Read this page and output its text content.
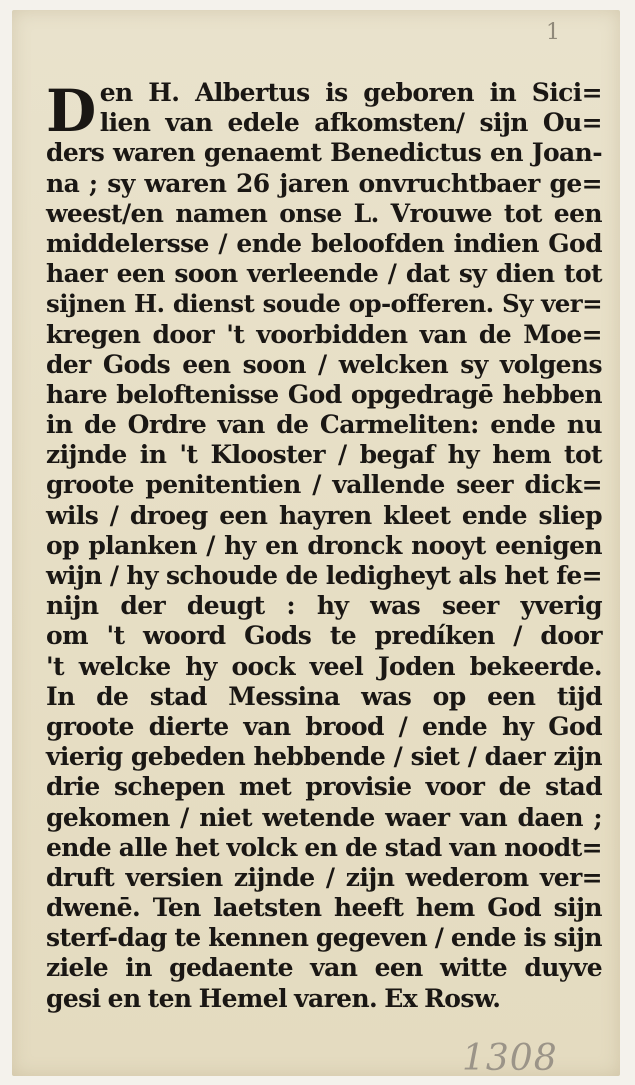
1
D en H. Albertus is geboren in Sici=
lien van edele afkomsten/ sijn Ou=
ders waren genaemt Benedictus en Joan-
na ; sy waren 26 jaren onvruchtbaer ge=
weest/en namen onse L. Vrouwe tot een
middelersse / ende beloofden indien God
haer een soon verleende / dat sy dien tot
sijnen H. dienst soude op-offeren. Sy ver=
kregen door 't voorbidden van de Moe=
der Gods een soon / welcken sy volgens
hare beloftenisse God opgedragē hebben
in de Ordre van de Carmeliten: ende nu
zijnde in 't Klooster / begaf hy hem tot
groote penitentien / vallende seer dick=
wils / droeg een hayren kleet ende sliep
op planken / hy en dronck nooyt eenigen
wijn / hy schoude de ledigheyt als het fe=
nijn der deugt : hy was seer yverig
om 't woord Gods te predíken / door
't welcke hy oock veel Joden bekeerde.
In de stad Messina was op een tijd
groote dierte van brood / ende hy God
vierig gebeden hebbende / siet / daer zijn
drie schepen met provisie voor de stad
gekomen / niet wetende waer van daen ;
ende alle het volck en de stad van noodt=
druft versien zijnde / zijn wederom ver=
dwenē. Ten laetsten heeft hem God sijn
sterf-dag te kennen gegeven / ende is sijn
ziele in gedaente van een witte duyve
gesi en ten Hemel varen. Ex Rosw.
1308
